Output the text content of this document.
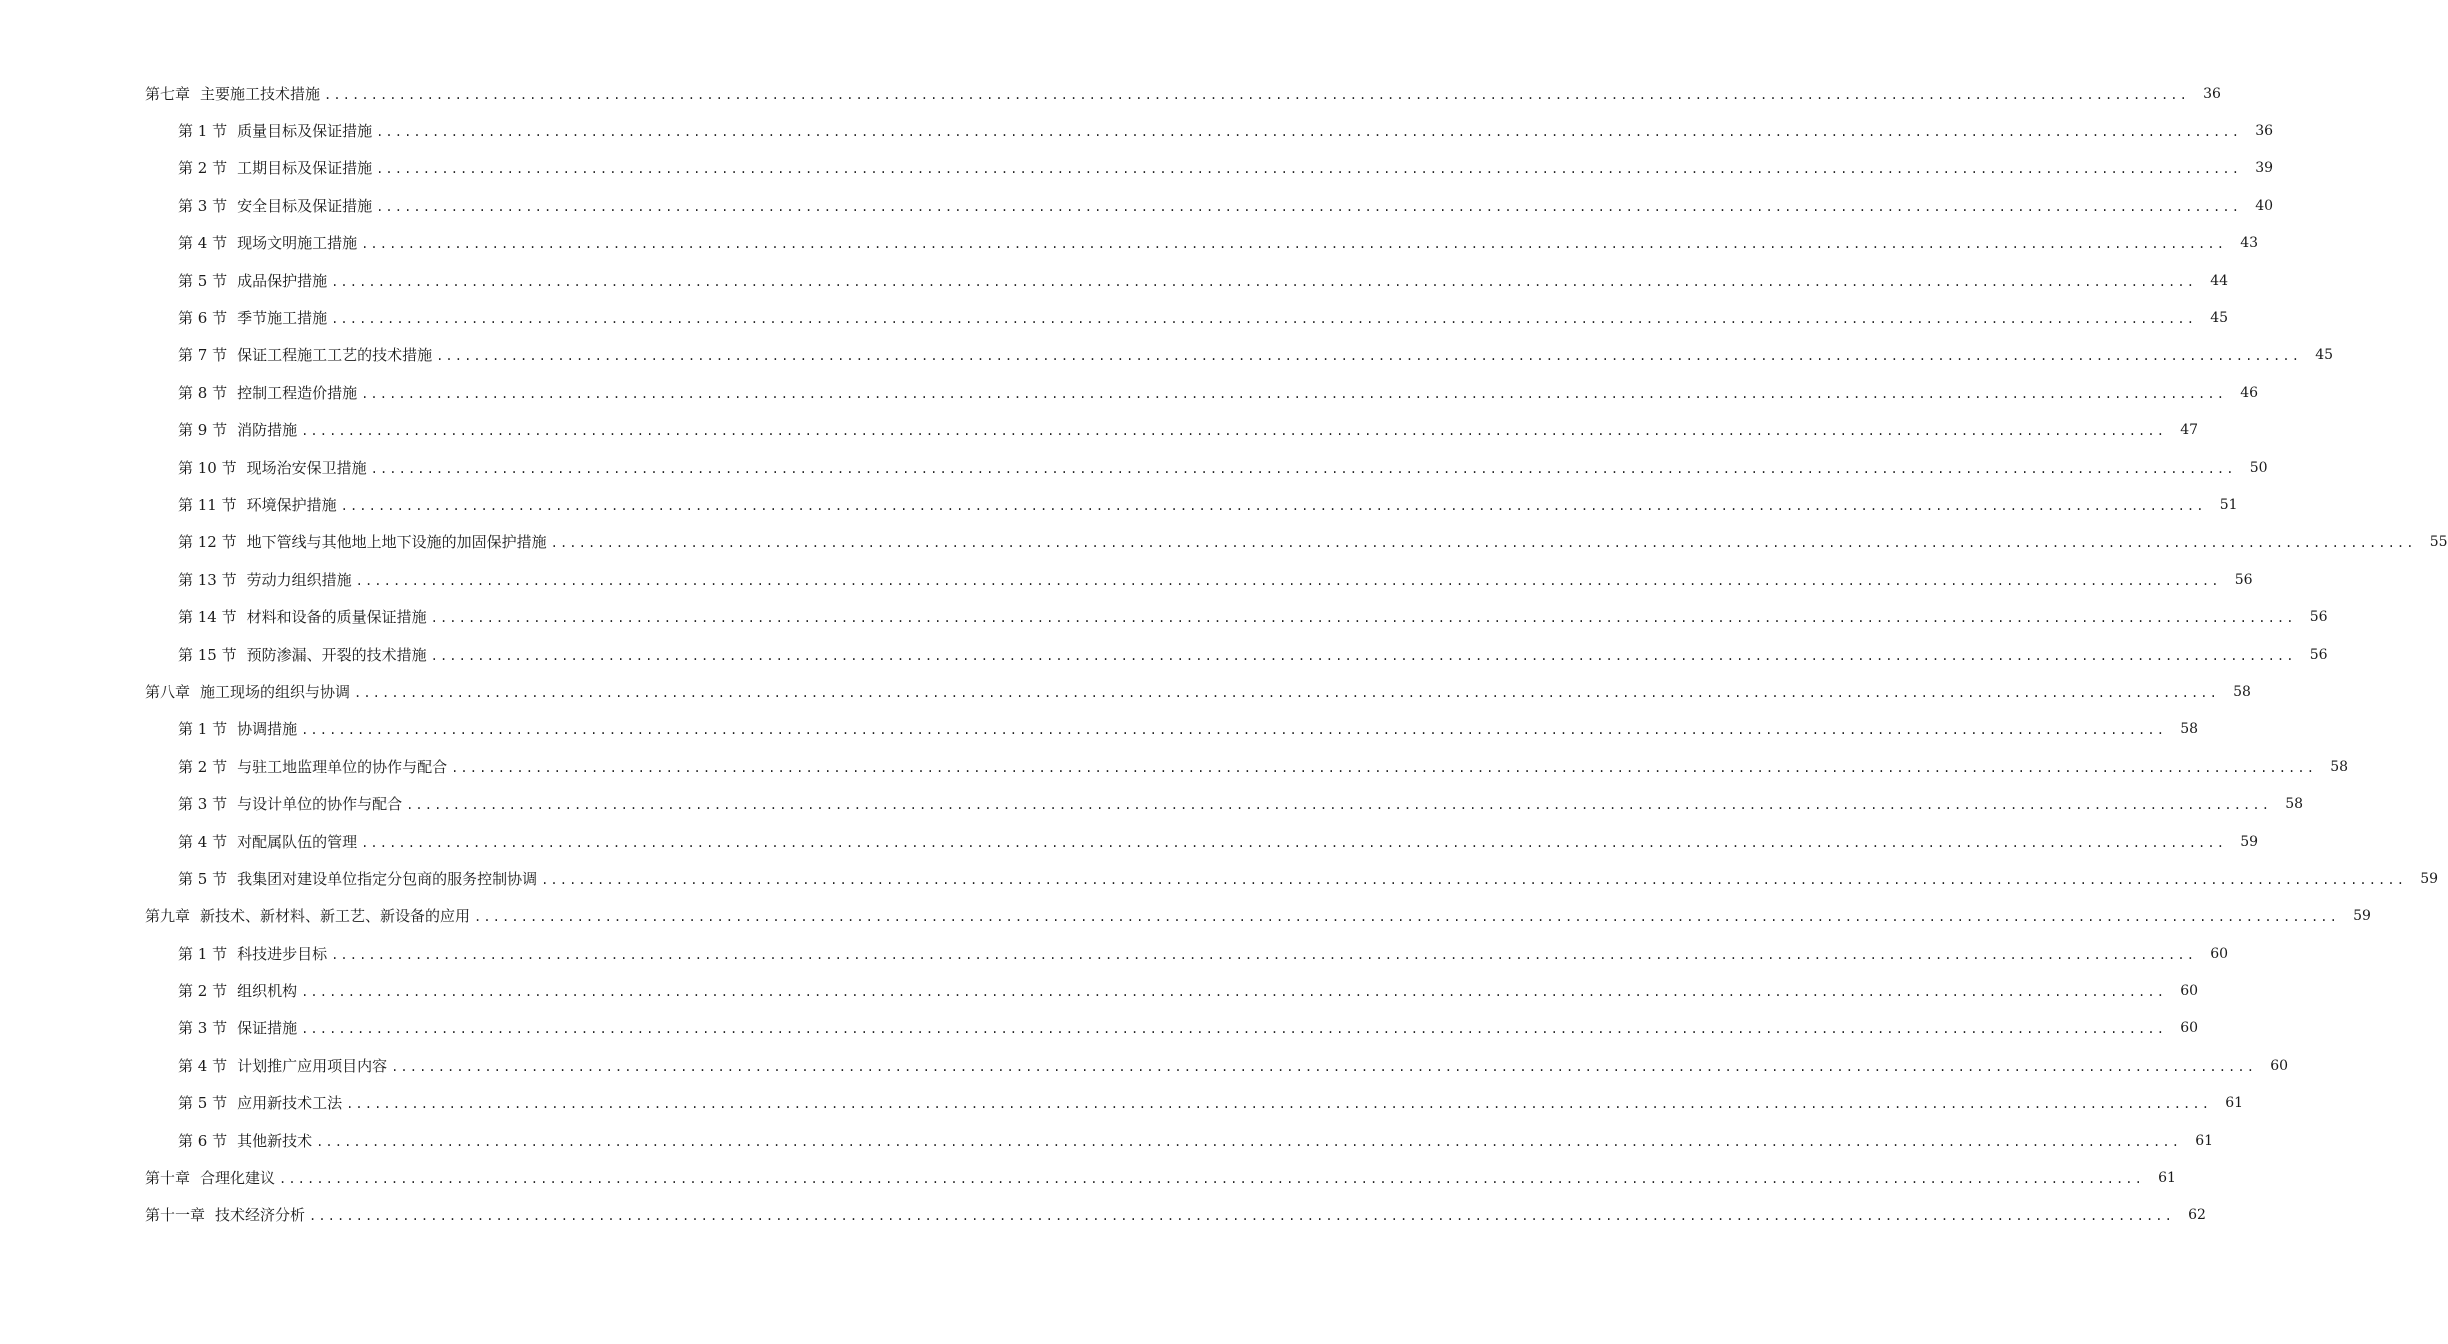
第七章 主要施工技术措施 ........................................................................................................................................................................................................	36
第 1 节 质量目标及保证措施 ........................................................................................................................................................................................................	36
第 2 节 工期目标及保证措施 ........................................................................................................................................................................................................	39
第 3 节 安全目标及保证措施 ........................................................................................................................................................................................................	40
第 4 节 现场文明施工措施 ........................................................................................................................................................................................................	43
第 5 节 成品保护措施 ........................................................................................................................................................................................................	44
第 6 节 季节施工措施 ........................................................................................................................................................................................................	45
第 7 节 保证工程施工工艺的技术措施 ........................................................................................................................................................................................................	45
第 8 节 控制工程造价措施 ........................................................................................................................................................................................................	46
第 9 节 消防措施 ........................................................................................................................................................................................................	47
第 10 节 现场治安保卫措施 ........................................................................................................................................................................................................	50
第 11 节 环境保护措施 ........................................................................................................................................................................................................	51
第 12 节 地下管线与其他地上地下设施的加固保护措施 ........................................................................................................................................................................................................	55
第 13 节 劳动力组织措施 ........................................................................................................................................................................................................	56
第 14 节 材料和设备的质量保证措施 ........................................................................................................................................................................................................	56
第 15 节 预防渗漏、开裂的技术措施 ........................................................................................................................................................................................................	56
第八章 施工现场的组织与协调 ........................................................................................................................................................................................................	58
第 1 节 协调措施 ........................................................................................................................................................................................................	58
第 2 节 与驻工地监理单位的协作与配合 ........................................................................................................................................................................................................	58
第 3 节 与设计单位的协作与配合 ........................................................................................................................................................................................................	58
第 4 节 对配属队伍的管理 ........................................................................................................................................................................................................	59
第 5 节 我集团对建设单位指定分包商的服务控制协调 ........................................................................................................................................................................................................	59
第九章 新技术、新材料、新工艺、新设备的应用 ........................................................................................................................................................................................................	59
第 1 节 科技进步目标 ........................................................................................................................................................................................................	60
第 2 节 组织机构 ........................................................................................................................................................................................................	60
第 3 节 保证措施 ........................................................................................................................................................................................................	60
第 4 节 计划推广应用项目内容 ........................................................................................................................................................................................................	60
第 5 节 应用新技术工法 ........................................................................................................................................................................................................	61
第 6 节 其他新技术 ........................................................................................................................................................................................................	61
第十章 合理化建议 ........................................................................................................................................................................................................	61
第十一章 技术经济分析 ........................................................................................................................................................................................................	62
